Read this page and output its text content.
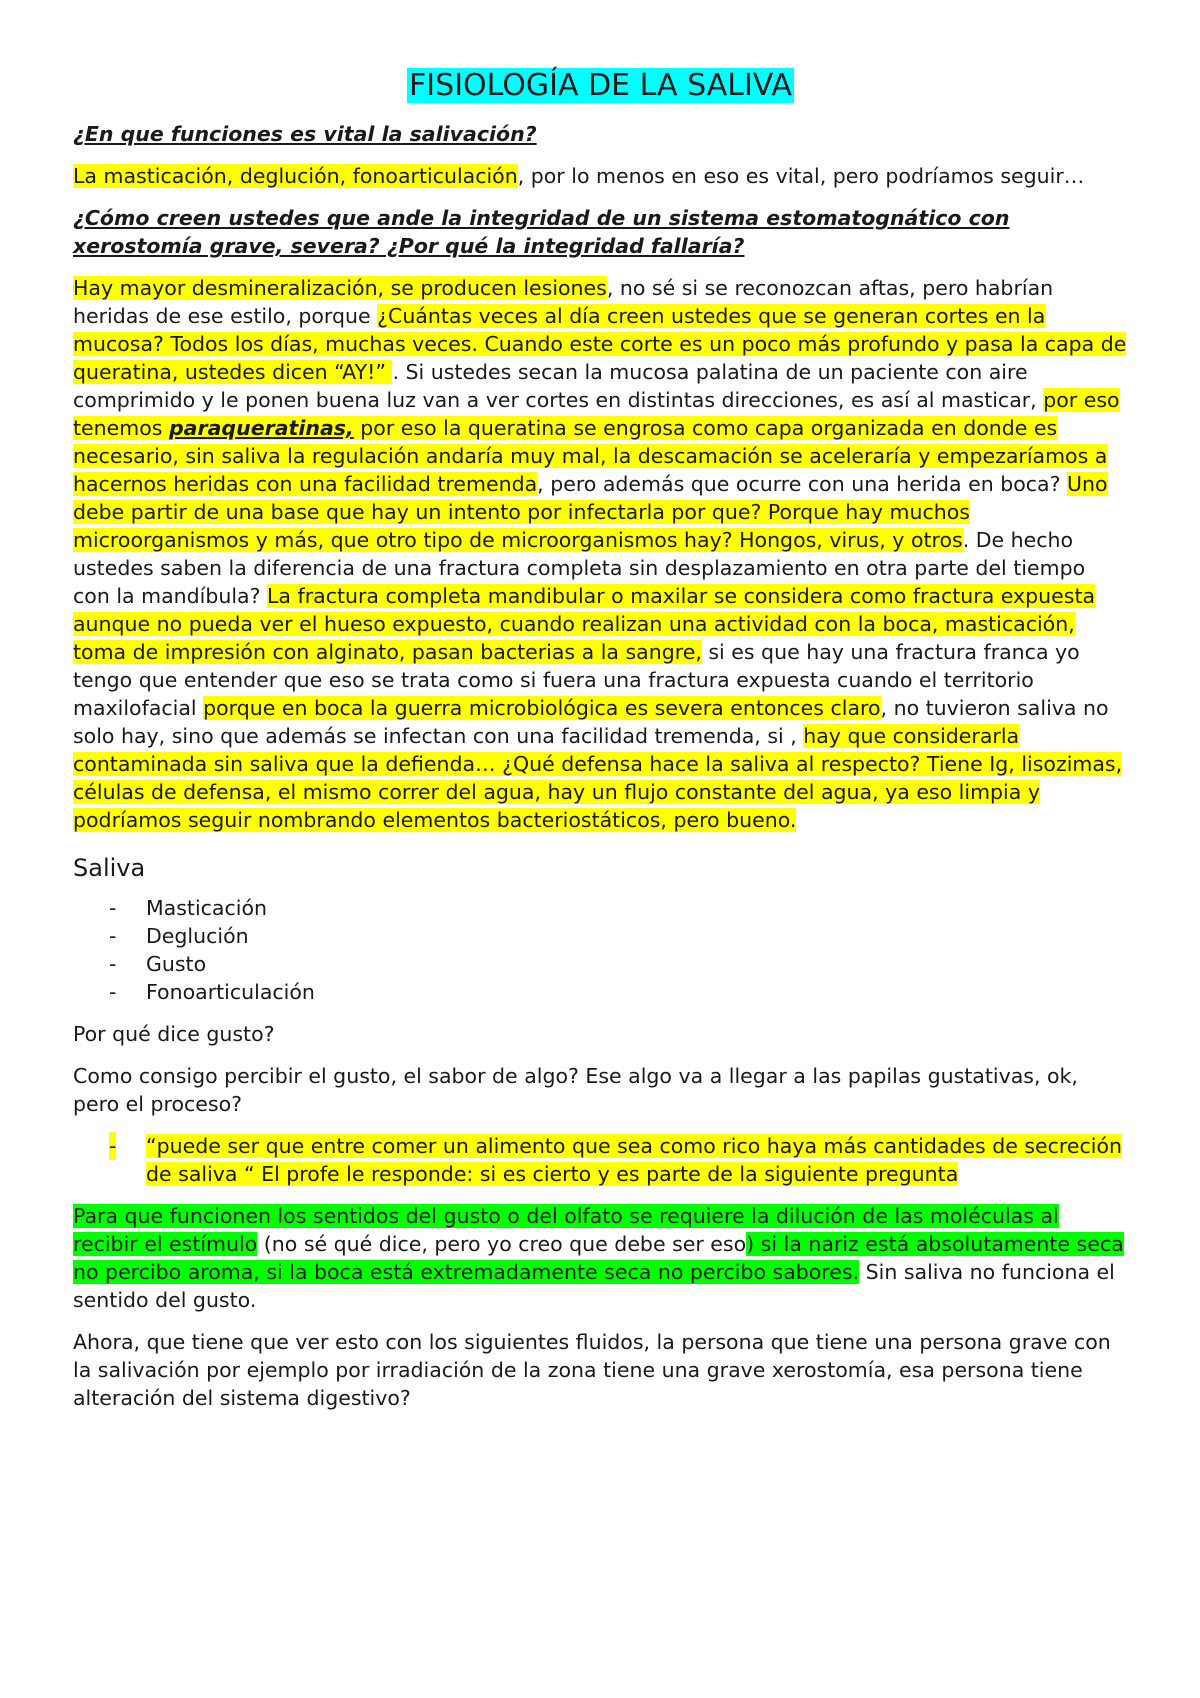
FISIOLOGÍA DE LA SALIVA

¿En que funciones es vital la salivación?

La masticación, deglución, fonoarticulación, por lo menos en eso es vital, pero podríamos seguir…

¿Cómo creen ustedes que ande la integridad de un sistema estomatognático con xerostomía grave, severa? ¿Por qué la integridad fallaría?

Hay mayor desmineralización, se producen lesiones, no sé si se reconozcan aftas, pero habrían heridas de ese estilo, porque ¿Cuántas veces al día creen ustedes que se generan cortes en la mucosa? Todos los días, muchas veces. Cuando este corte es un poco más profundo y pasa la capa de queratina, ustedes dicen “AY!” . Si ustedes secan la mucosa palatina de un paciente con aire comprimido y le ponen buena luz van a ver cortes en distintas direcciones, es así al masticar, por eso tenemos paraqueratinas, por eso la queratina se engrosa como capa organizada en donde es necesario, sin saliva la regulación andaría muy mal, la descamación se aceleraría y empezaríamos a hacernos heridas con una facilidad tremenda, pero además que ocurre con una herida en boca? Uno debe partir de una base que hay un intento por infectarla por que? Porque hay muchos microorganismos y más, que otro tipo de microorganismos hay? Hongos, virus, y otros. De hecho ustedes saben la diferencia de una fractura completa sin desplazamiento en otra parte del tiempo con la mandíbula? La fractura completa mandibular o maxilar se considera como fractura expuesta aunque no pueda ver el hueso expuesto, cuando realizan una actividad con la boca, masticación, toma de impresión con alginato, pasan bacterias a la sangre, si es que hay una fractura franca yo tengo que entender que eso se trata como si fuera una fractura expuesta cuando el territorio maxilofacial porque en boca la guerra microbiológica es severa entonces claro, no tuvieron saliva no solo hay, sino que además se infectan con una facilidad tremenda, si , hay que considerarla contaminada sin saliva que la defienda… ¿Qué defensa hace la saliva al respecto? Tiene Ig, lisozimas, células de defensa, el mismo correr del agua, hay un flujo constante del agua, ya eso limpia y podríamos seguir nombrando elementos bacteriostáticos, pero bueno.

Saliva
- Masticación
- Deglución
- Gusto
- Fonoarticulación

Por qué dice gusto?

Como consigo percibir el gusto, el sabor de algo? Ese algo va a llegar a las papilas gustativas, ok, pero el proceso?

- “puede ser que entre comer un alimento que sea como rico haya más cantidades de secreción de saliva “ El profe le responde: si es cierto y es parte de la siguiente pregunta

Para que funcionen los sentidos del gusto o del olfato se requiere la dilución de las moléculas al recibir el estímulo (no sé qué dice, pero yo creo que debe ser eso) si la nariz está absolutamente seca no percibo aroma, si la boca está extremadamente seca no percibo sabores. Sin saliva no funciona el sentido del gusto.

Ahora, que tiene que ver esto con los siguientes fluidos, la persona que tiene una persona grave con la salivación por ejemplo por irradiación de la zona tiene una grave xerostomía, esa persona tiene alteración del sistema digestivo?
